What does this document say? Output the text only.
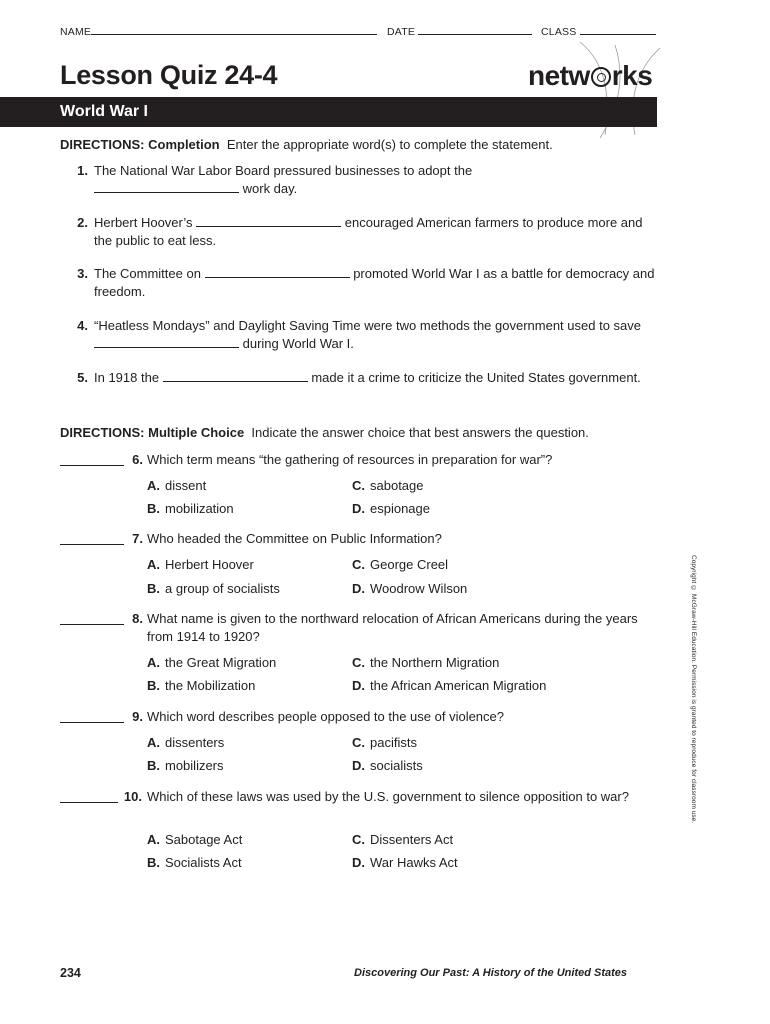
NAME	DATE	CLASS
Lesson Quiz 24-4	netw rks
World War I
DIRECTIONS: Completion Enter the appropriate word(s) to complete the statement.
1. The National War Labor Board pressured businesses to adopt the
work day.
2. Herbert Hoover’s	encouraged American farmers to produce more and the public to eat less.
3. The Committee on	promoted World War I as a battle for democracy and freedom.
4. “Heatless Mondays” and Daylight Saving Time were two methods the government used to save  during World War I.
5. In 1918 the	made it a crime to criticize the United States government.
DIRECTIONS: Multiple Choice Indicate the answer choice that best answers the question.
6. Which term means “the gathering of resources in preparation for war”?
A. dissent
B. mobilization
C. sabotage
D. espionage
7. Who headed the Committee on Public Information?
A. Herbert Hoover
B. a group of socialists
C. George Creel
D. Woodrow Wilson
8. What name is given to the northward relocation of African Americans during the years from 1914 to 1920?
A. the Great Migration
B. the Mobilization
C. the Northern Migration
D. the African American Migration
9. Which word describes people opposed to the use of violence?
A. dissenters
B. mobilizers
C. pacifists
D. socialists
10. Which of these laws was used by the U.S. government to silence opposition to war?
A. Sabotage Act
B. Socialists Act
C. Dissenters Act
D. War Hawks Act
Copyright © McGraw-Hill Education. Permission is granted to reproduce for classroom use.
234	Discovering Our Past: A History of the United States
